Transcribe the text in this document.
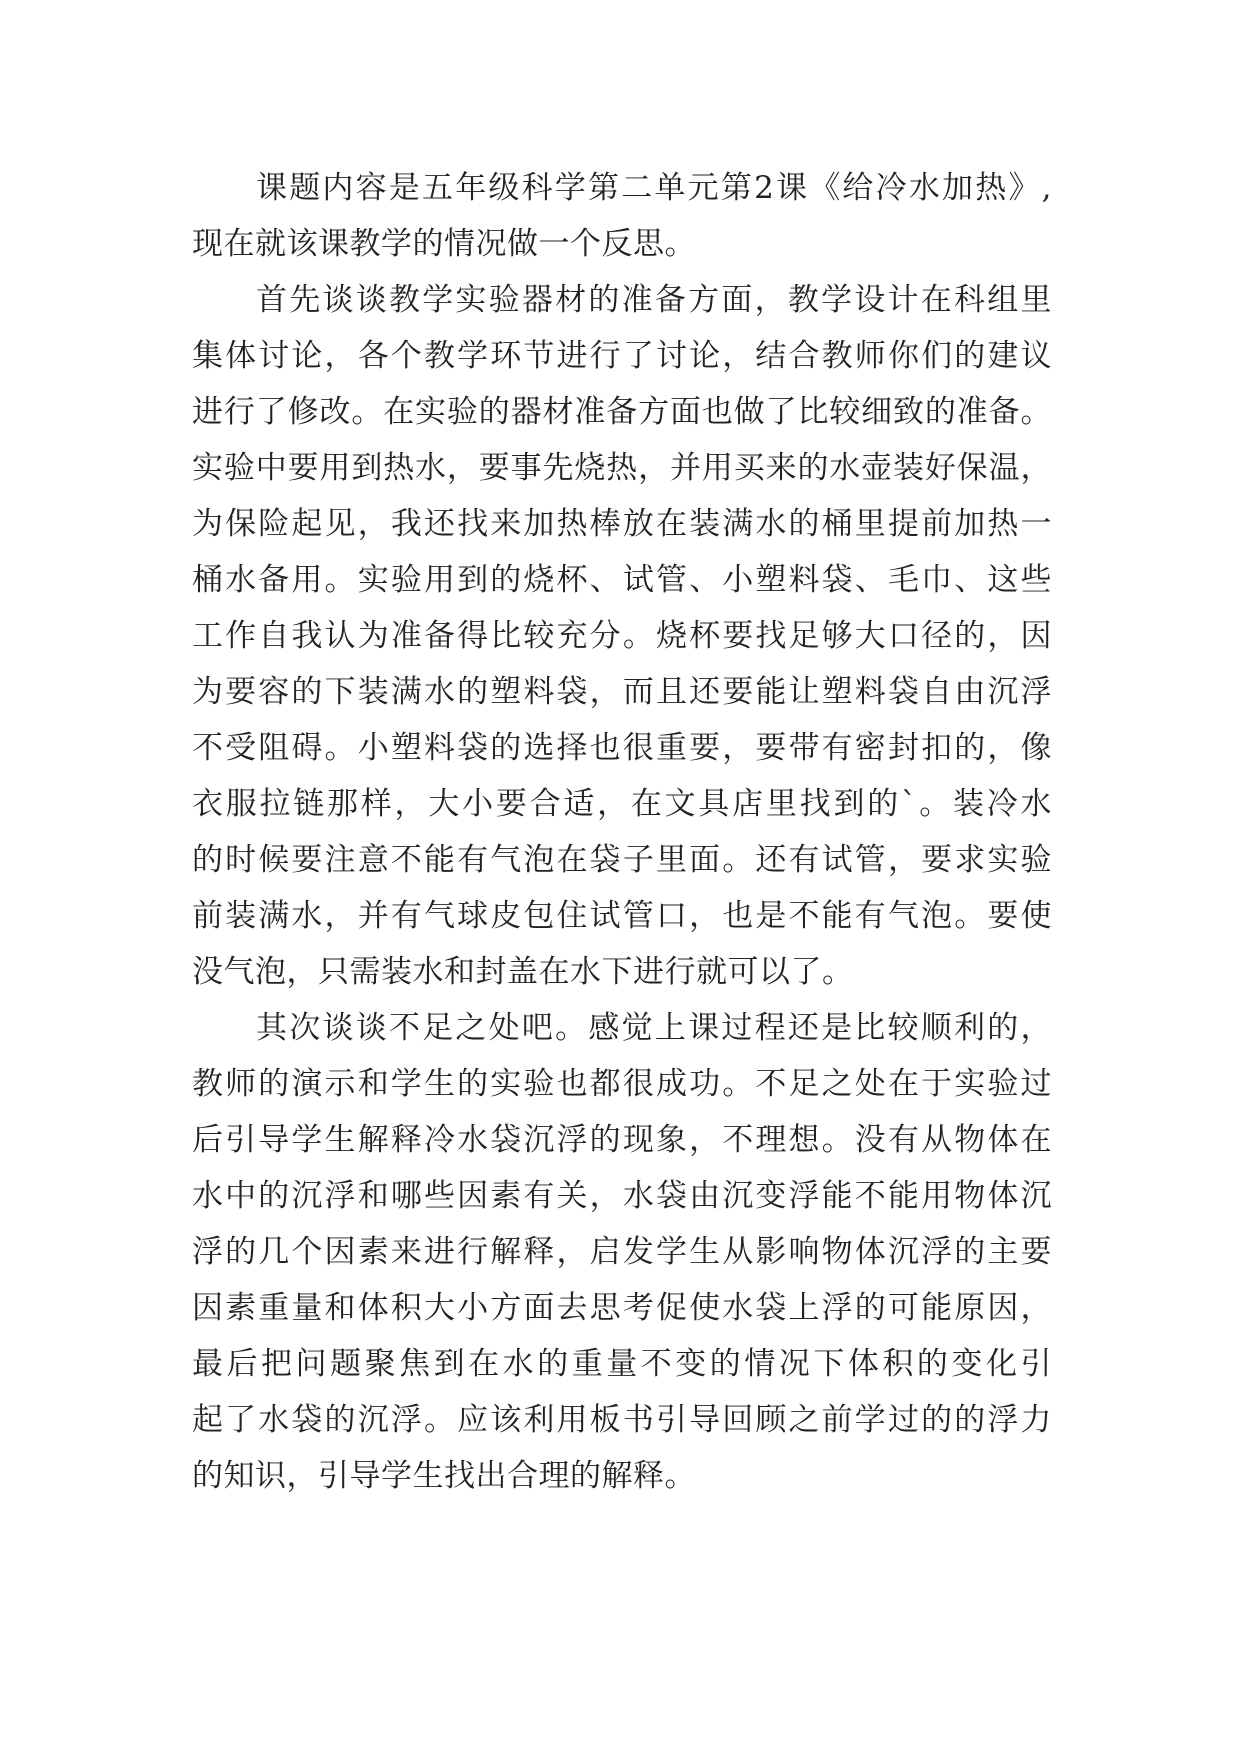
课题内容是五年级科学第二单元第2课《给冷水加热》,
现在就该课教学的情况做一个反思。
首先谈谈教学实验器材的准备方面，教学设计在科组里
集体讨论，各个教学环节进行了讨论，结合教师你们的建议
进行了修改。在实验的器材准备方面也做了比较细致的准备。
实验中要用到热水，要事先烧热，并用买来的水壶装好保温，
为保险起见，我还找来加热棒放在装满水的桶里提前加热一
桶水备用。实验用到的烧杯、试管、小塑料袋、毛巾、这些
工作自我认为准备得比较充分。烧杯要找足够大口径的，因
为要容的下装满水的塑料袋，而且还要能让塑料袋自由沉浮
不受阻碍。小塑料袋的选择也很重要，要带有密封扣的，像
衣服拉链那样，大小要合适，在文具店里找到的`。装冷水
的时候要注意不能有气泡在袋子里面。还有试管，要求实验
前装满水，并有气球皮包住试管口，也是不能有气泡。要使
没气泡，只需装水和封盖在水下进行就可以了。
其次谈谈不足之处吧。感觉上课过程还是比较顺利的，
教师的演示和学生的实验也都很成功。不足之处在于实验过
后引导学生解释冷水袋沉浮的现象，不理想。没有从物体在
水中的沉浮和哪些因素有关，水袋由沉变浮能不能用物体沉
浮的几个因素来进行解释，启发学生从影响物体沉浮的主要
因素重量和体积大小方面去思考促使水袋上浮的可能原因，
最后把问题聚焦到在水的重量不变的情况下体积的变化引
起了水袋的沉浮。应该利用板书引导回顾之前学过的的浮力
的知识，引导学生找出合理的解释。
